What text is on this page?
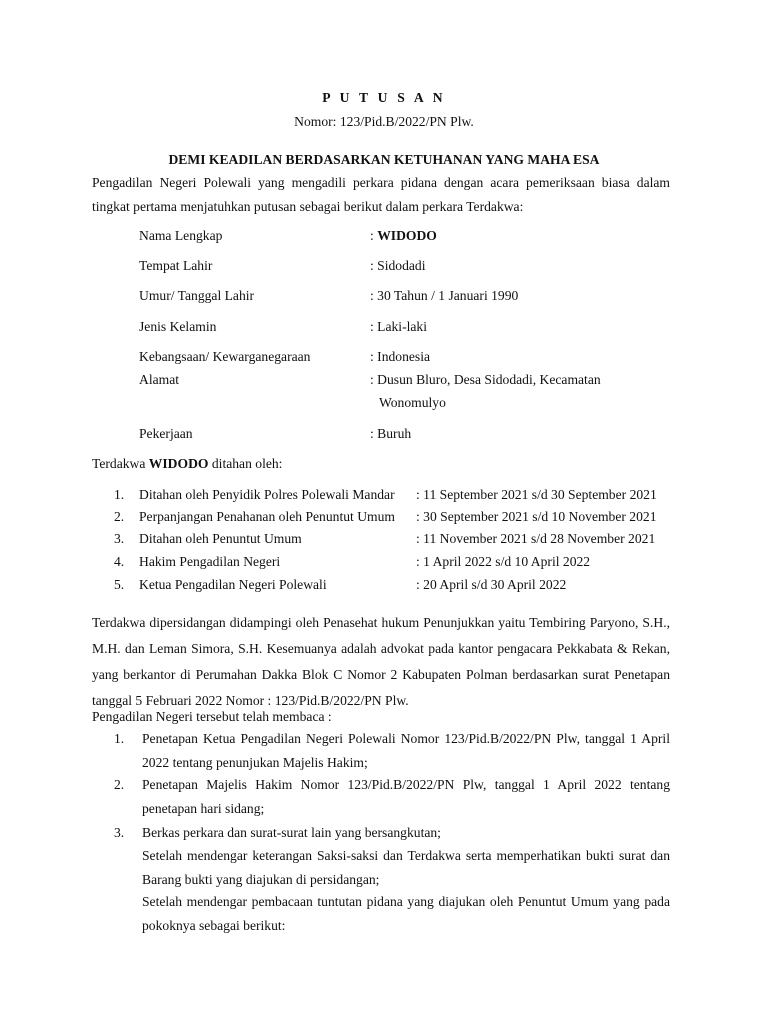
P U T U S A N
Nomor: 123/Pid.B/2022/PN Plw.
DEMI KEADILAN BERDASARKAN KETUHANAN YANG MAHA ESA
Pengadilan Negeri Polewali yang mengadili perkara pidana dengan acara pemeriksaan biasa dalam tingkat pertama menjatuhkan putusan sebagai berikut dalam perkara Terdakwa:
Nama Lengkap	: WIDODO
Tempat Lahir	: Sidodadi
Umur/ Tanggal Lahir	: 30 Tahun / 1 Januari 1990
Jenis Kelamin	: Laki-laki
Kebangsaan/ Kewarganegaraan	: Indonesia
Alamat	: Dusun Bluro, Desa Sidodadi, Kecamatan
Wonomulyo
Pekerjaan	: Buruh
Terdakwa WIDODO ditahan oleh:
1. Ditahan oleh Penyidik Polres Polewali Mandar : 11 September 2021 s/d 30 September 2021
2. Perpanjangan Penahanan oleh Penuntut Umum : 30 September 2021 s/d 10 November 2021
3. Ditahan oleh Penuntut Umum	: 11 November 2021 s/d 28 November 2021
4. Hakim Pengadilan Negeri	: 1 April 2022 s/d 10 April 2022
5. Ketua Pengadilan Negeri Polewali	: 20 April s/d 30 April 2022
Terdakwa dipersidangan didampingi oleh Penasehat hukum Penunjukkan yaitu Tembiring Paryono, S.H., M.H. dan Leman Simora, S.H. Kesemuanya adalah advokat pada kantor pengacara Pekkabata & Rekan, yang berkantor di Perumahan Dakka Blok C Nomor 2 Kabupaten Polman berdasarkan surat Penetapan tanggal 5 Februari 2022 Nomor : 123/Pid.B/2022/PN Plw.
Pengadilan Negeri tersebut telah membaca :
1. Penetapan Ketua Pengadilan Negeri Polewali Nomor 123/Pid.B/2022/PN Plw, tanggal 1 April 2022 tentang penunjukan Majelis Hakim;
2. Penetapan Majelis Hakim Nomor 123/Pid.B/2022/PN Plw, tanggal 1 April 2022 tentang penetapan hari sidang;
3. Berkas perkara dan surat-surat lain yang bersangkutan;
Setelah mendengar keterangan Saksi-saksi dan Terdakwa serta memperhatikan bukti surat dan Barang bukti yang diajukan di persidangan;
Setelah mendengar pembacaan tuntutan pidana yang diajukan oleh Penuntut Umum yang pada pokoknya sebagai berikut:
